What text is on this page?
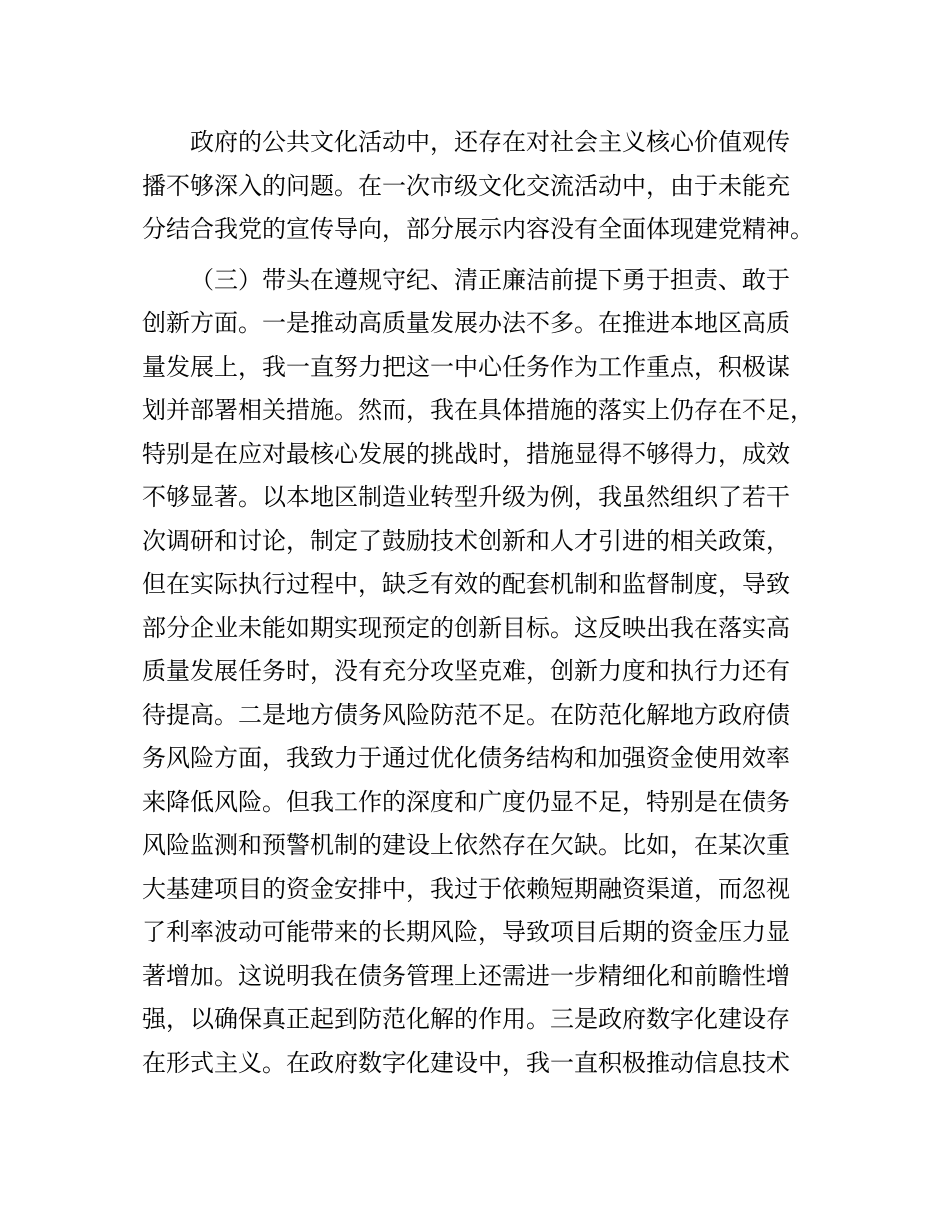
政府的公共文化活动中，还存在对社会主义核心价值观传
播不够深入的问题。在一次市级文化交流活动中，由于未能充
分结合我党的宣传导向，部分展示内容没有全面体现建党精神。
（三）带头在遵规守纪、清正廉洁前提下勇于担责、敢于
创新方面。一是推动高质量发展办法不多。在推进本地区高质
量发展上，我一直努力把这一中心任务作为工作重点，积极谋
划并部署相关措施。然而，我在具体措施的落实上仍存在不足，
特别是在应对最核心发展的挑战时，措施显得不够得力，成效
不够显著。以本地区制造业转型升级为例，我虽然组织了若干
次调研和讨论，制定了鼓励技术创新和人才引进的相关政策，
但在实际执行过程中，缺乏有效的配套机制和监督制度，导致
部分企业未能如期实现预定的创新目标。这反映出我在落实高
质量发展任务时，没有充分攻坚克难，创新力度和执行力还有
待提高。二是地方债务风险防范不足。在防范化解地方政府债
务风险方面，我致力于通过优化债务结构和加强资金使用效率
来降低风险。但我工作的深度和广度仍显不足，特别是在债务
风险监测和预警机制的建设上依然存在欠缺。比如，在某次重
大基建项目的资金安排中，我过于依赖短期融资渠道，而忽视
了利率波动可能带来的长期风险，导致项目后期的资金压力显
著增加。这说明我在债务管理上还需进一步精细化和前瞻性增
强，以确保真正起到防范化解的作用。三是政府数字化建设存
在形式主义。在政府数字化建设中，我一直积极推动信息技术
